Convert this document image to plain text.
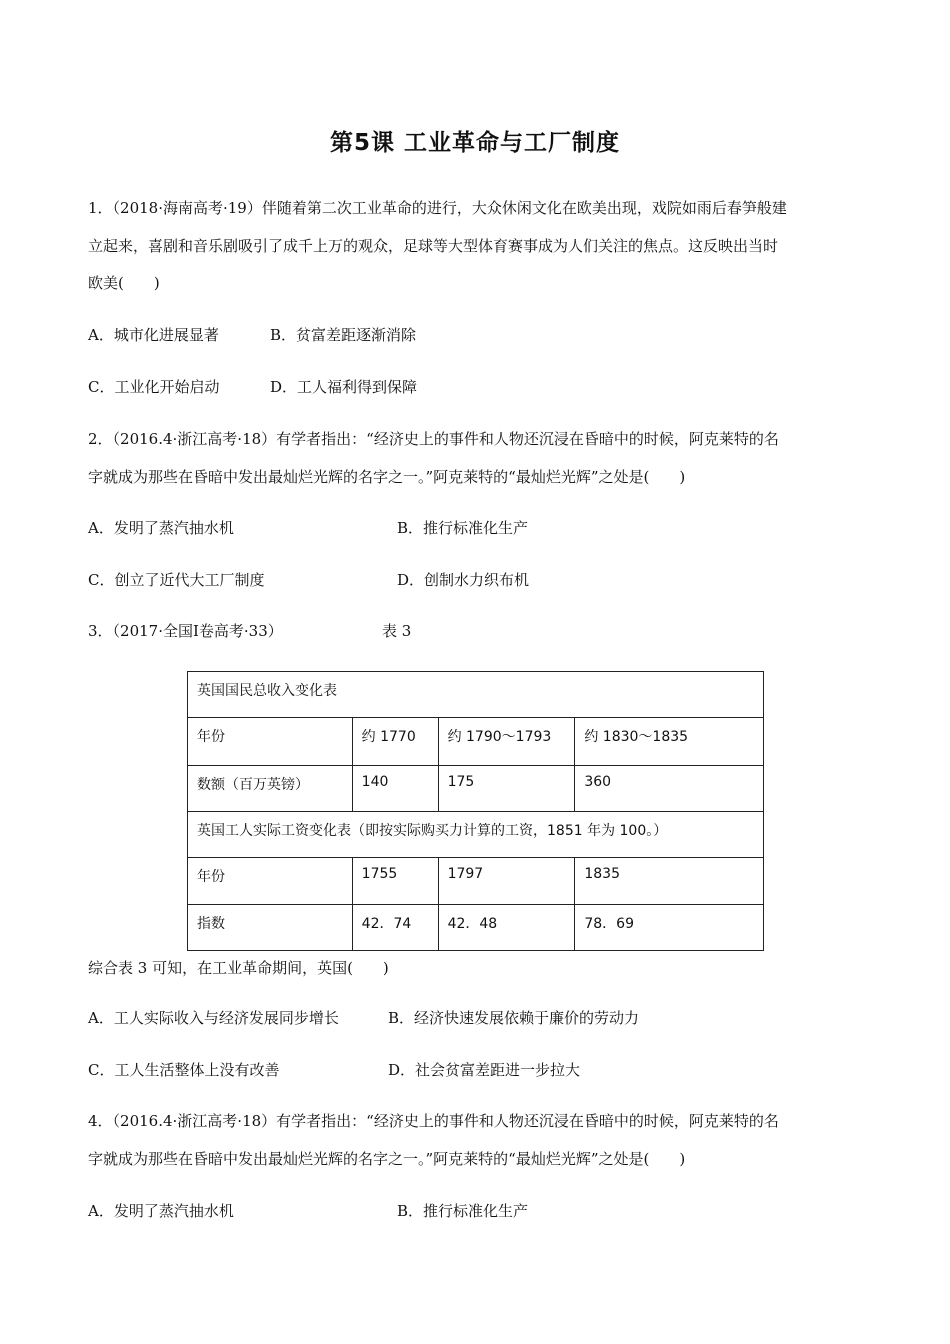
第5课 工业革命与工厂制度
1．（2018·海南高考·19）伴随着第二次工业革命的进行，大众休闲文化在欧美出现，戏院如雨后春笋般建
立起来，喜剧和音乐剧吸引了成千上万的观众，足球等大型体育赛事成为人们关注的焦点。这反映出当时
欧美(　　)
A．城市化进展显著	B．贫富差距逐渐消除
C．工业化开始启动	D．工人福利得到保障
2．（2016.4·浙江高考·18）有学者指出：“经济史上的事件和人物还沉浸在昏暗中的时候，阿克莱特的名
字就成为那些在昏暗中发出最灿烂光辉的名字之一。”阿克莱特的“最灿烂光辉”之处是(　　)
A．发明了蒸汽抽水机	B．推行标准化生产
C．创立了近代大工厂制度	D．创制水力织布机
3．（2017·全国Ⅰ卷高考·33）	表 3
英国国民总收入变化表			
年份	约 1770	约 1790～1793	约 1830～1835
数额（百万英镑）	140	175	360
英国工人实际工资变化表（即按实际购买力计算的工资，1851 年为 100。）			
年份	1755	1797	1835
指数	42．74	42．48	78．69
综合表 3 可知，在工业革命期间，英国(　　)
A．工人实际收入与经济发展同步增长	B．经济快速发展依赖于廉价的劳动力
C．工人生活整体上没有改善	D．社会贫富差距进一步拉大
4．（2016.4·浙江高考·18）有学者指出：“经济史上的事件和人物还沉浸在昏暗中的时候，阿克莱特的名
字就成为那些在昏暗中发出最灿烂光辉的名字之一。”阿克莱特的“最灿烂光辉”之处是(　　)
A．发明了蒸汽抽水机	B．推行标准化生产
